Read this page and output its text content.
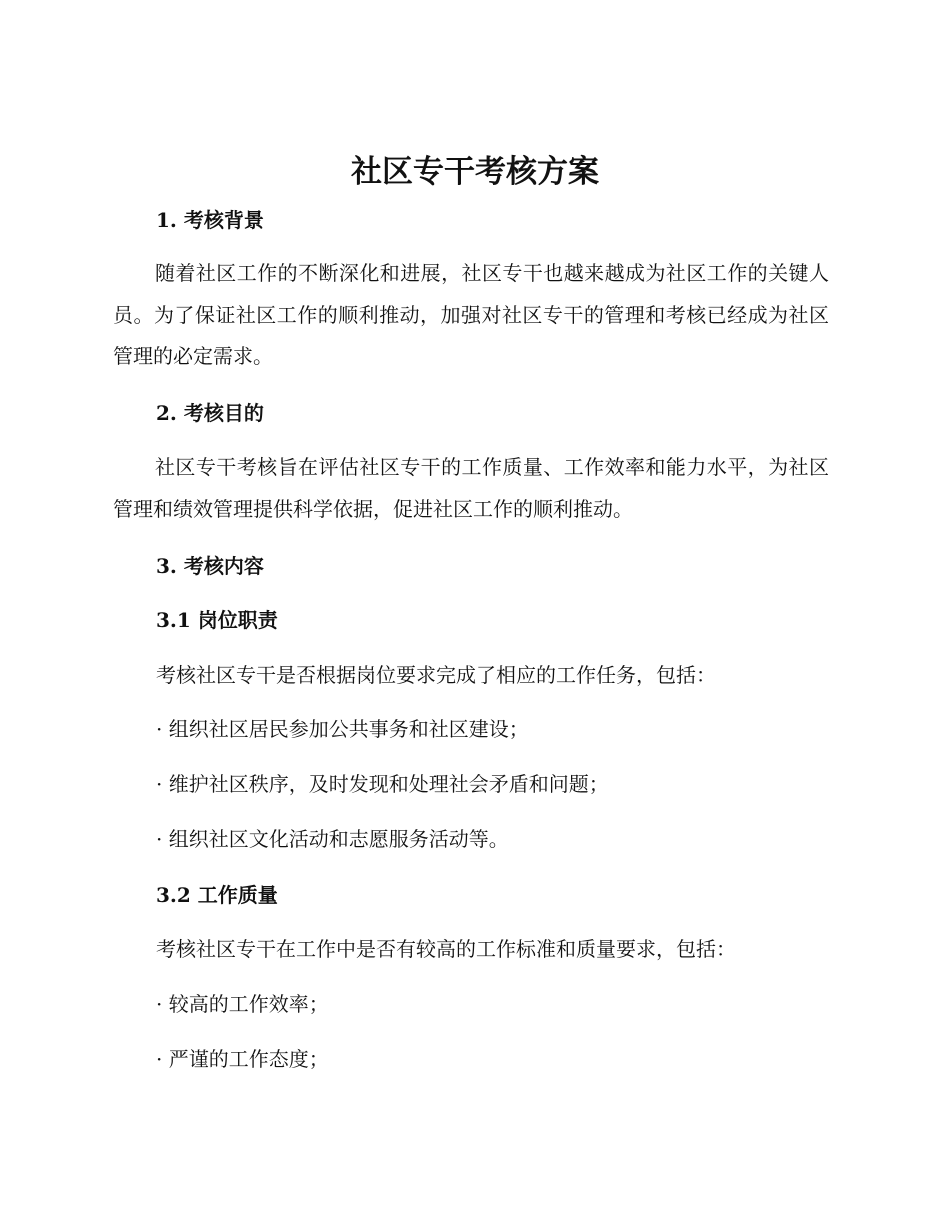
社区专干考核方案
1. 考核背景

随着社区工作的不断深化和进展，社区专干也越来越成为社区工作的关键人员。为了保证社区工作的顺利推动，加强对社区专干的管理和考核已经成为社区管理的必定需求。

2. 考核目的

社区专干考核旨在评估社区专干的工作质量、工作效率和能力水平，为社区管理和绩效管理提供科学依据，促进社区工作的顺利推动。

3. 考核内容
3.1 岗位职责
考核社区专干是否根据岗位要求完成了相应的工作任务，包括：
· 组织社区居民参加公共事务和社区建设；
· 维护社区秩序，及时发现和处理社会矛盾和问题；
· 组织社区文化活动和志愿服务活动等。
3.2 工作质量
考核社区专干在工作中是否有较高的工作标准和质量要求，包括：
· 较高的工作效率；
· 严谨的工作态度；
